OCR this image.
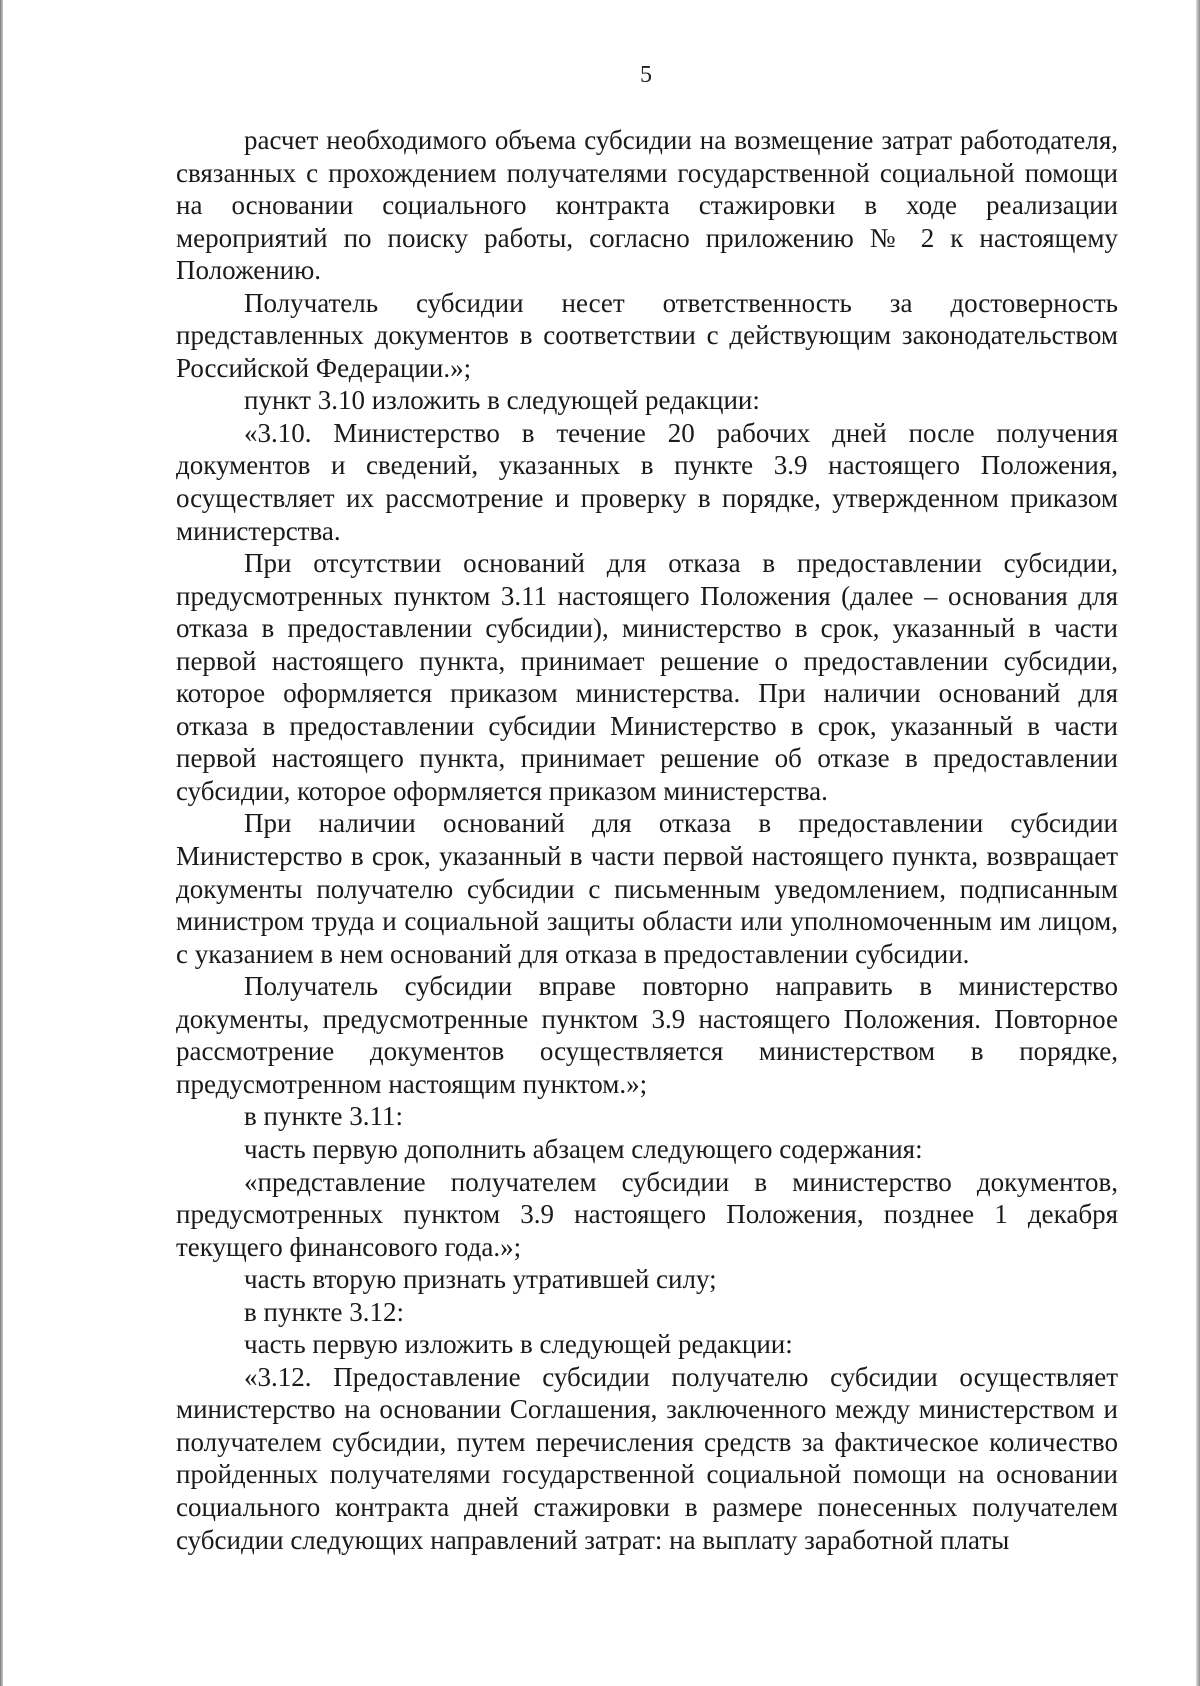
5

расчет необходимого объема субсидии на возмещение затрат работодателя, связанных с прохождением получателями государственной социальной помощи на основании социального контракта стажировки в ходе реализации мероприятий по поиску работы, согласно приложению № 2 к настоящему Положению.

Получатель субсидии несет ответственность за достоверность представленных документов в соответствии с действующим законодательством Российской Федерации.»;

пункт 3.10 изложить в следующей редакции:

«3.10. Министерство в течение 20 рабочих дней после получения документов и сведений, указанных в пункте 3.9 настоящего Положения, осуществляет их рассмотрение и проверку в порядке, утвержденном приказом министерства.

При отсутствии оснований для отказа в предоставлении субсидии, предусмотренных пунктом 3.11 настоящего Положения (далее – основания для отказа в предоставлении субсидии), министерство в срок, указанный в части первой настоящего пункта, принимает решение о предоставлении субсидии, которое оформляется приказом министерства. При наличии оснований для отказа в предоставлении субсидии Министерство в срок, указанный в части первой настоящего пункта, принимает решение об отказе в предоставлении субсидии, которое оформляется приказом министерства.

При наличии оснований для отказа в предоставлении субсидии Министерство в срок, указанный в части первой настоящего пункта, возвращает документы получателю субсидии с письменным уведомлением, подписанным министром труда и социальной защиты области или уполномоченным им лицом, с указанием в нем оснований для отказа в предоставлении субсидии.

Получатель субсидии вправе повторно направить в министерство документы, предусмотренные пунктом 3.9 настоящего Положения. Повторное рассмотрение документов осуществляется министерством в порядке, предусмотренном настоящим пунктом.»;

в пункте 3.11:

часть первую дополнить абзацем следующего содержания:

«представление получателем субсидии в министерство документов, предусмотренных пунктом 3.9 настоящего Положения, позднее 1 декабря текущего финансового года.»;

часть вторую признать утратившей силу;

в пункте 3.12:

часть первую изложить в следующей редакции:

«3.12. Предоставление субсидии получателю субсидии осуществляет министерство на основании Соглашения, заключенного между министерством и получателем субсидии, путем перечисления средств за фактическое количество пройденных получателями государственной социальной помощи на основании социального контракта дней стажировки в размере понесенных получателем субсидии следующих направлений затрат: на выплату заработной платы
